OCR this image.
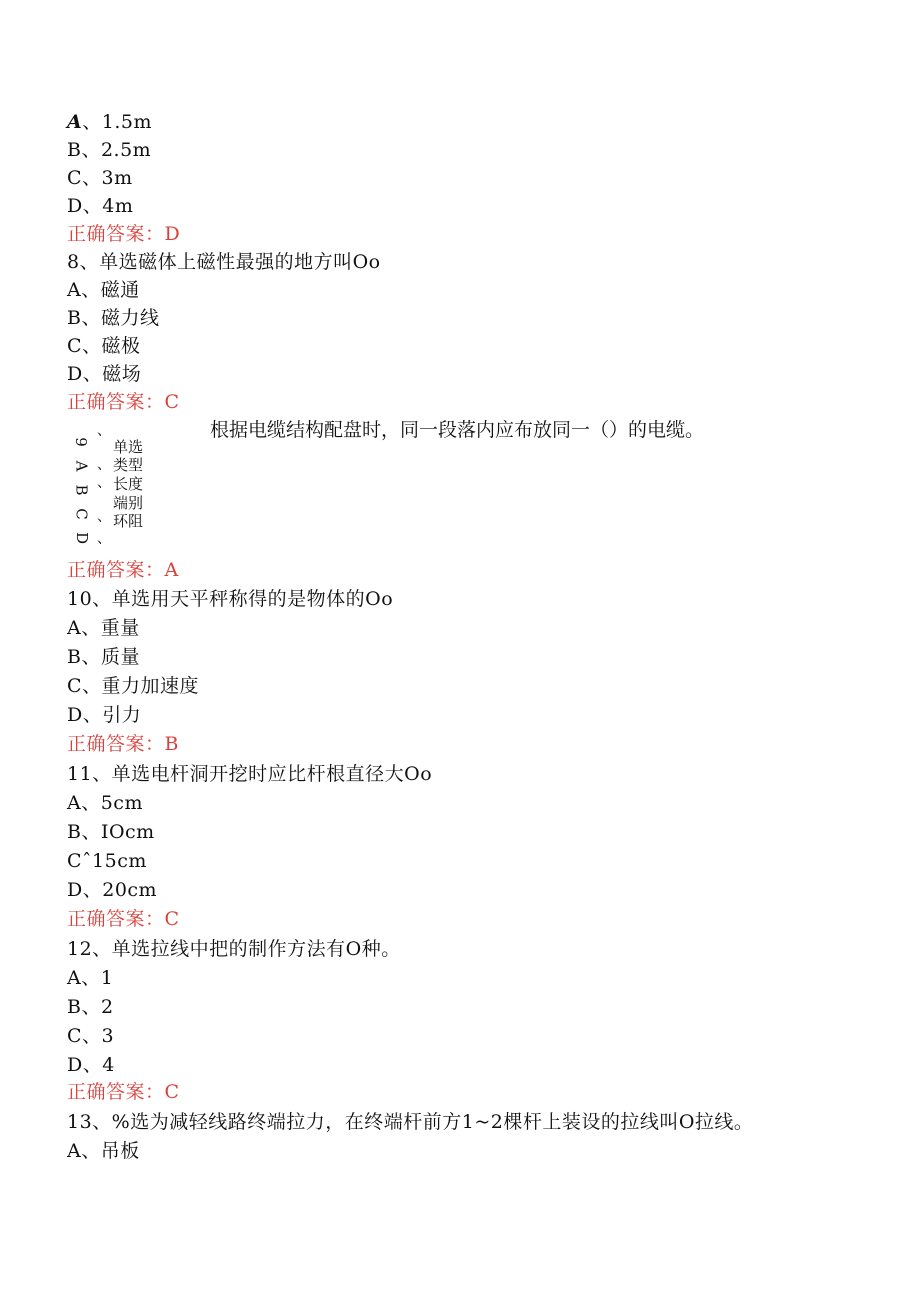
A、1.5m
B、2.5m
C、3m
D、4m
正确答案：D
8、单选磁体上磁性最强的地方叫Oo
A、磁通
B、磁力线
C、磁极
D、磁场
正确答案：C
根据电缆结构配盘时，同一段落内应布放同一（）的电缆。
9
A
B
C
D
、
、
、
、
、
单选
类型
长度
端别
环阻
正确答案：A
10、单选用天平秤称得的是物体的Oo
A、重量
B、质量
C、重力加速度
D、引力
正确答案：B
11、单选电杆洞开挖时应比杆根直径大Oo
A、5cm
B、IOcm
Cˆ15cm
D、20cm
正确答案：C
12、单选拉线中把的制作方法有O种。
A、1
B、2
C、3
D、4
正确答案：C
13、%选为减轻线路终端拉力，在终端杆前方1~2棵杆上装设的拉线叫O拉线。
A、吊板
